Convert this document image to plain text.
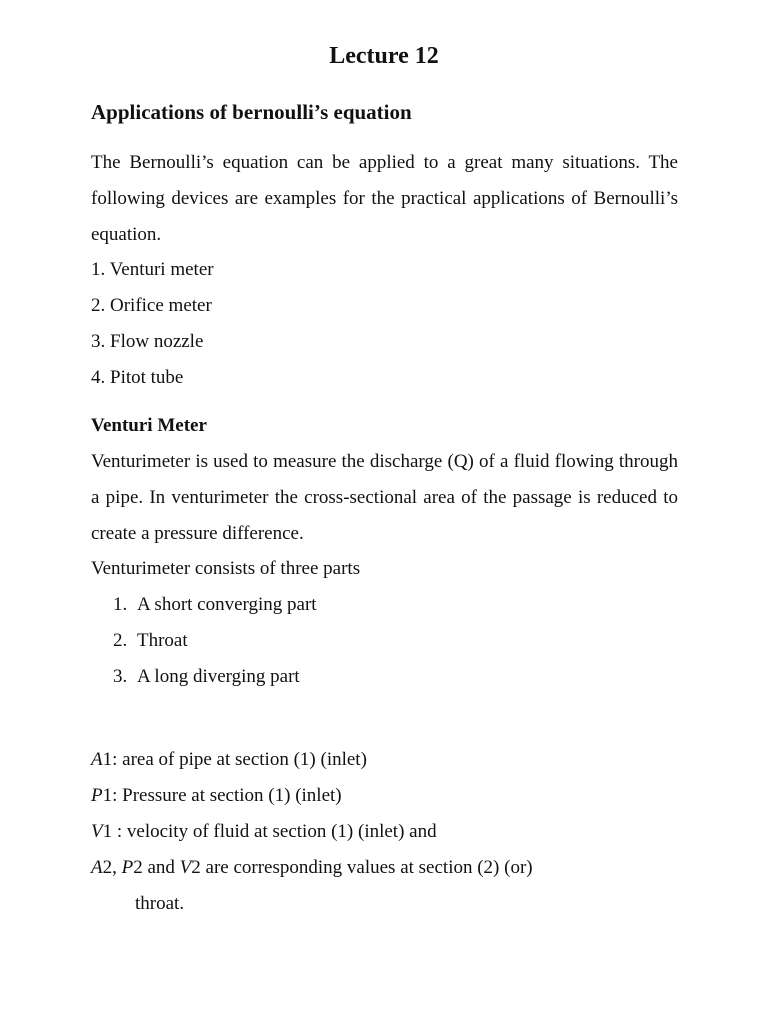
Lecture 12
Applications of bernoulli’s equation

The Bernoulli’s equation can be applied to a great many situations. The following devices are examples for the practical applications of Bernoulli’s equation.

1. Venturi meter
2. Orifice meter
3. Flow nozzle
4. Pitot tube
Venturi Meter

Venturimeter is used to measure the discharge (Q) of a fluid flowing through a pipe. In venturimeter the cross-sectional area of the passage is reduced to create a pressure difference.

Venturimeter consists of three parts

1. A short converging part
2. Throat
3. A long diverging part
A1: area of pipe at section (1) (inlet)
P1: Pressure at section (1) (inlet)
V1 : velocity of fluid at section (1) (inlet) and
A2, P2 and V2 are corresponding values at section (2) (or)
throat.
